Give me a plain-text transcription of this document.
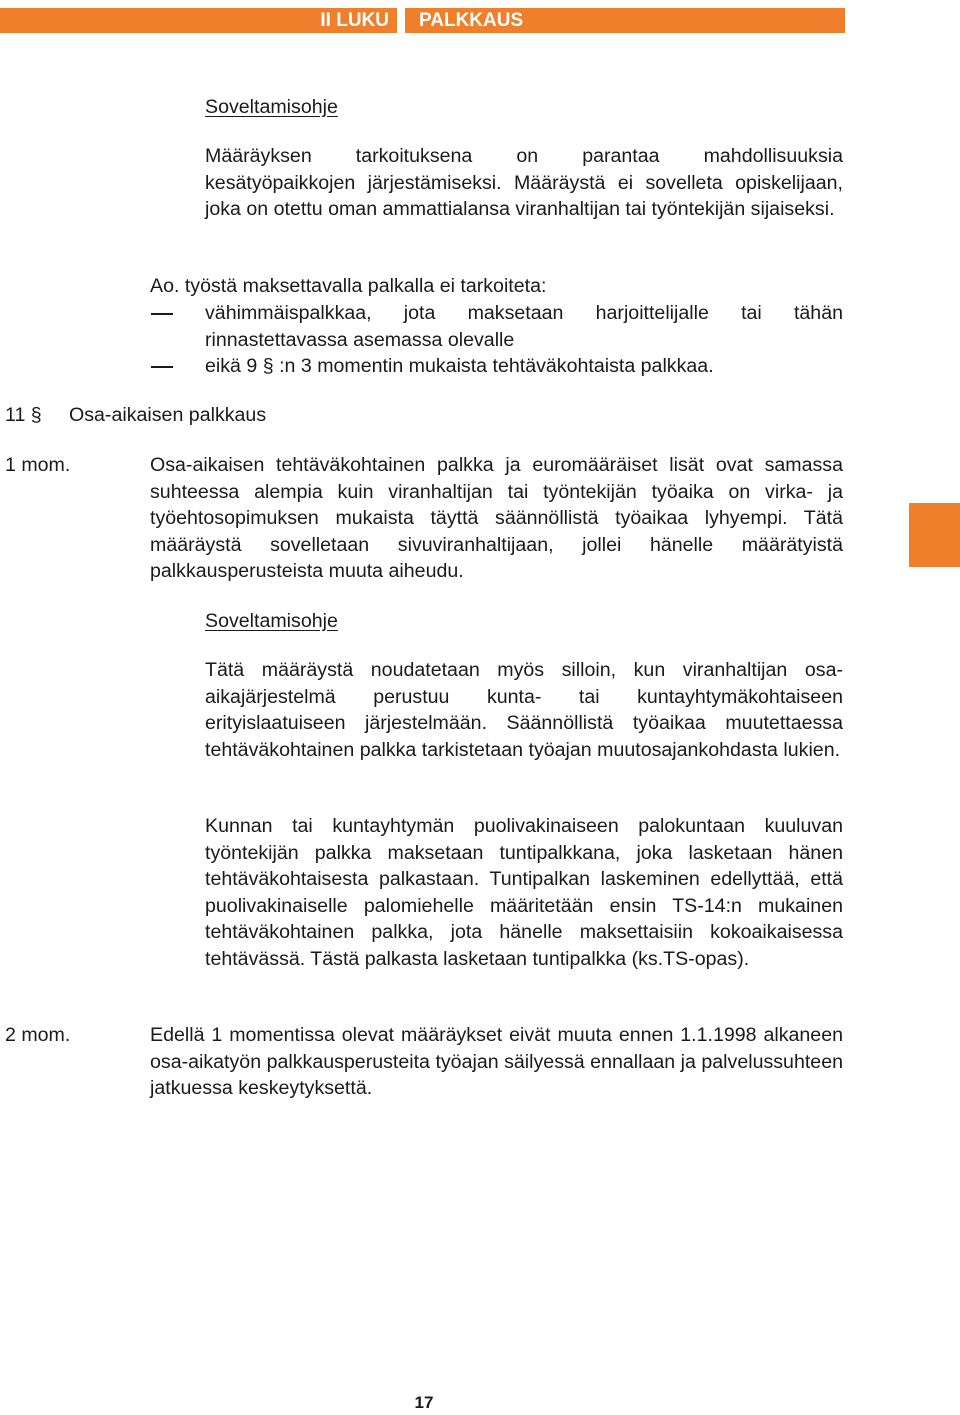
II LUKU	PALKKAUS

Soveltamisohje

Määräyksen tarkoituksena on parantaa mahdollisuuksia kesätyöpaikkojen järjestämiseksi. Määräystä ei sovelleta opiskelijaan, joka on otettu oman ammattialansa viranhaltijan tai työntekijän sijaiseksi.

Ao. työstä maksettavalla palkalla ei tarkoiteta:

vähimmäispalkkaa, jota maksetaan harjoittelijalle tai tähän rinnastettavassa asemassa olevalle

eikä 9 § :n 3 momentin mukaista tehtäväkohtaista palkkaa.

11 § Osa-aikaisen palkkaus

1 mom.	Osa-aikaisen tehtäväkohtainen palkka ja euromääräiset lisät ovat samassa suhteessa alempia kuin viranhaltijan tai työntekijän työaika on virka- ja työehtosopimuksen mukaista täyttä säännöllistä työaikaa lyhyempi. Tätä määräystä sovelletaan sivuviranhaltijaan, jollei hänelle määrätyistä palkkausperusteista muuta aiheudu.

Soveltamisohje

Tätä määräystä noudatetaan myös silloin, kun viranhaltijan osa-aikajärjestelmä perustuu kunta- tai kuntayhtymäkohtaiseen erityislaatuiseen järjestelmään. Säännöllistä työaikaa muutettaessa tehtäväkohtainen palkka tarkistetaan työajan muutosajankohdasta lukien.

Kunnan tai kuntayhtymän puolivakinaiseen palokuntaan kuuluvan työntekijän palkka maksetaan tuntipalkkana, joka lasketaan hänen tehtäväkohtaisesta palkastaan. Tuntipalkan laskeminen edellyttää, että puolivakinaiselle palomiehelle määritetään ensin TS-14:n mukainen tehtäväkohtainen palkka, jota hänelle maksettaisiin kokoaikaisessa tehtävässä. Tästä palkasta lasketaan tuntipalkka (ks.TS-opas).

2 mom.	Edellä 1 momentissa olevat määräykset eivät muuta ennen 1.1.1998 alkaneen osa-aikatyön palkkausperusteita työajan säilyessä ennallaan ja palvelussuhteen jatkuessa keskeytyksettä.

17
